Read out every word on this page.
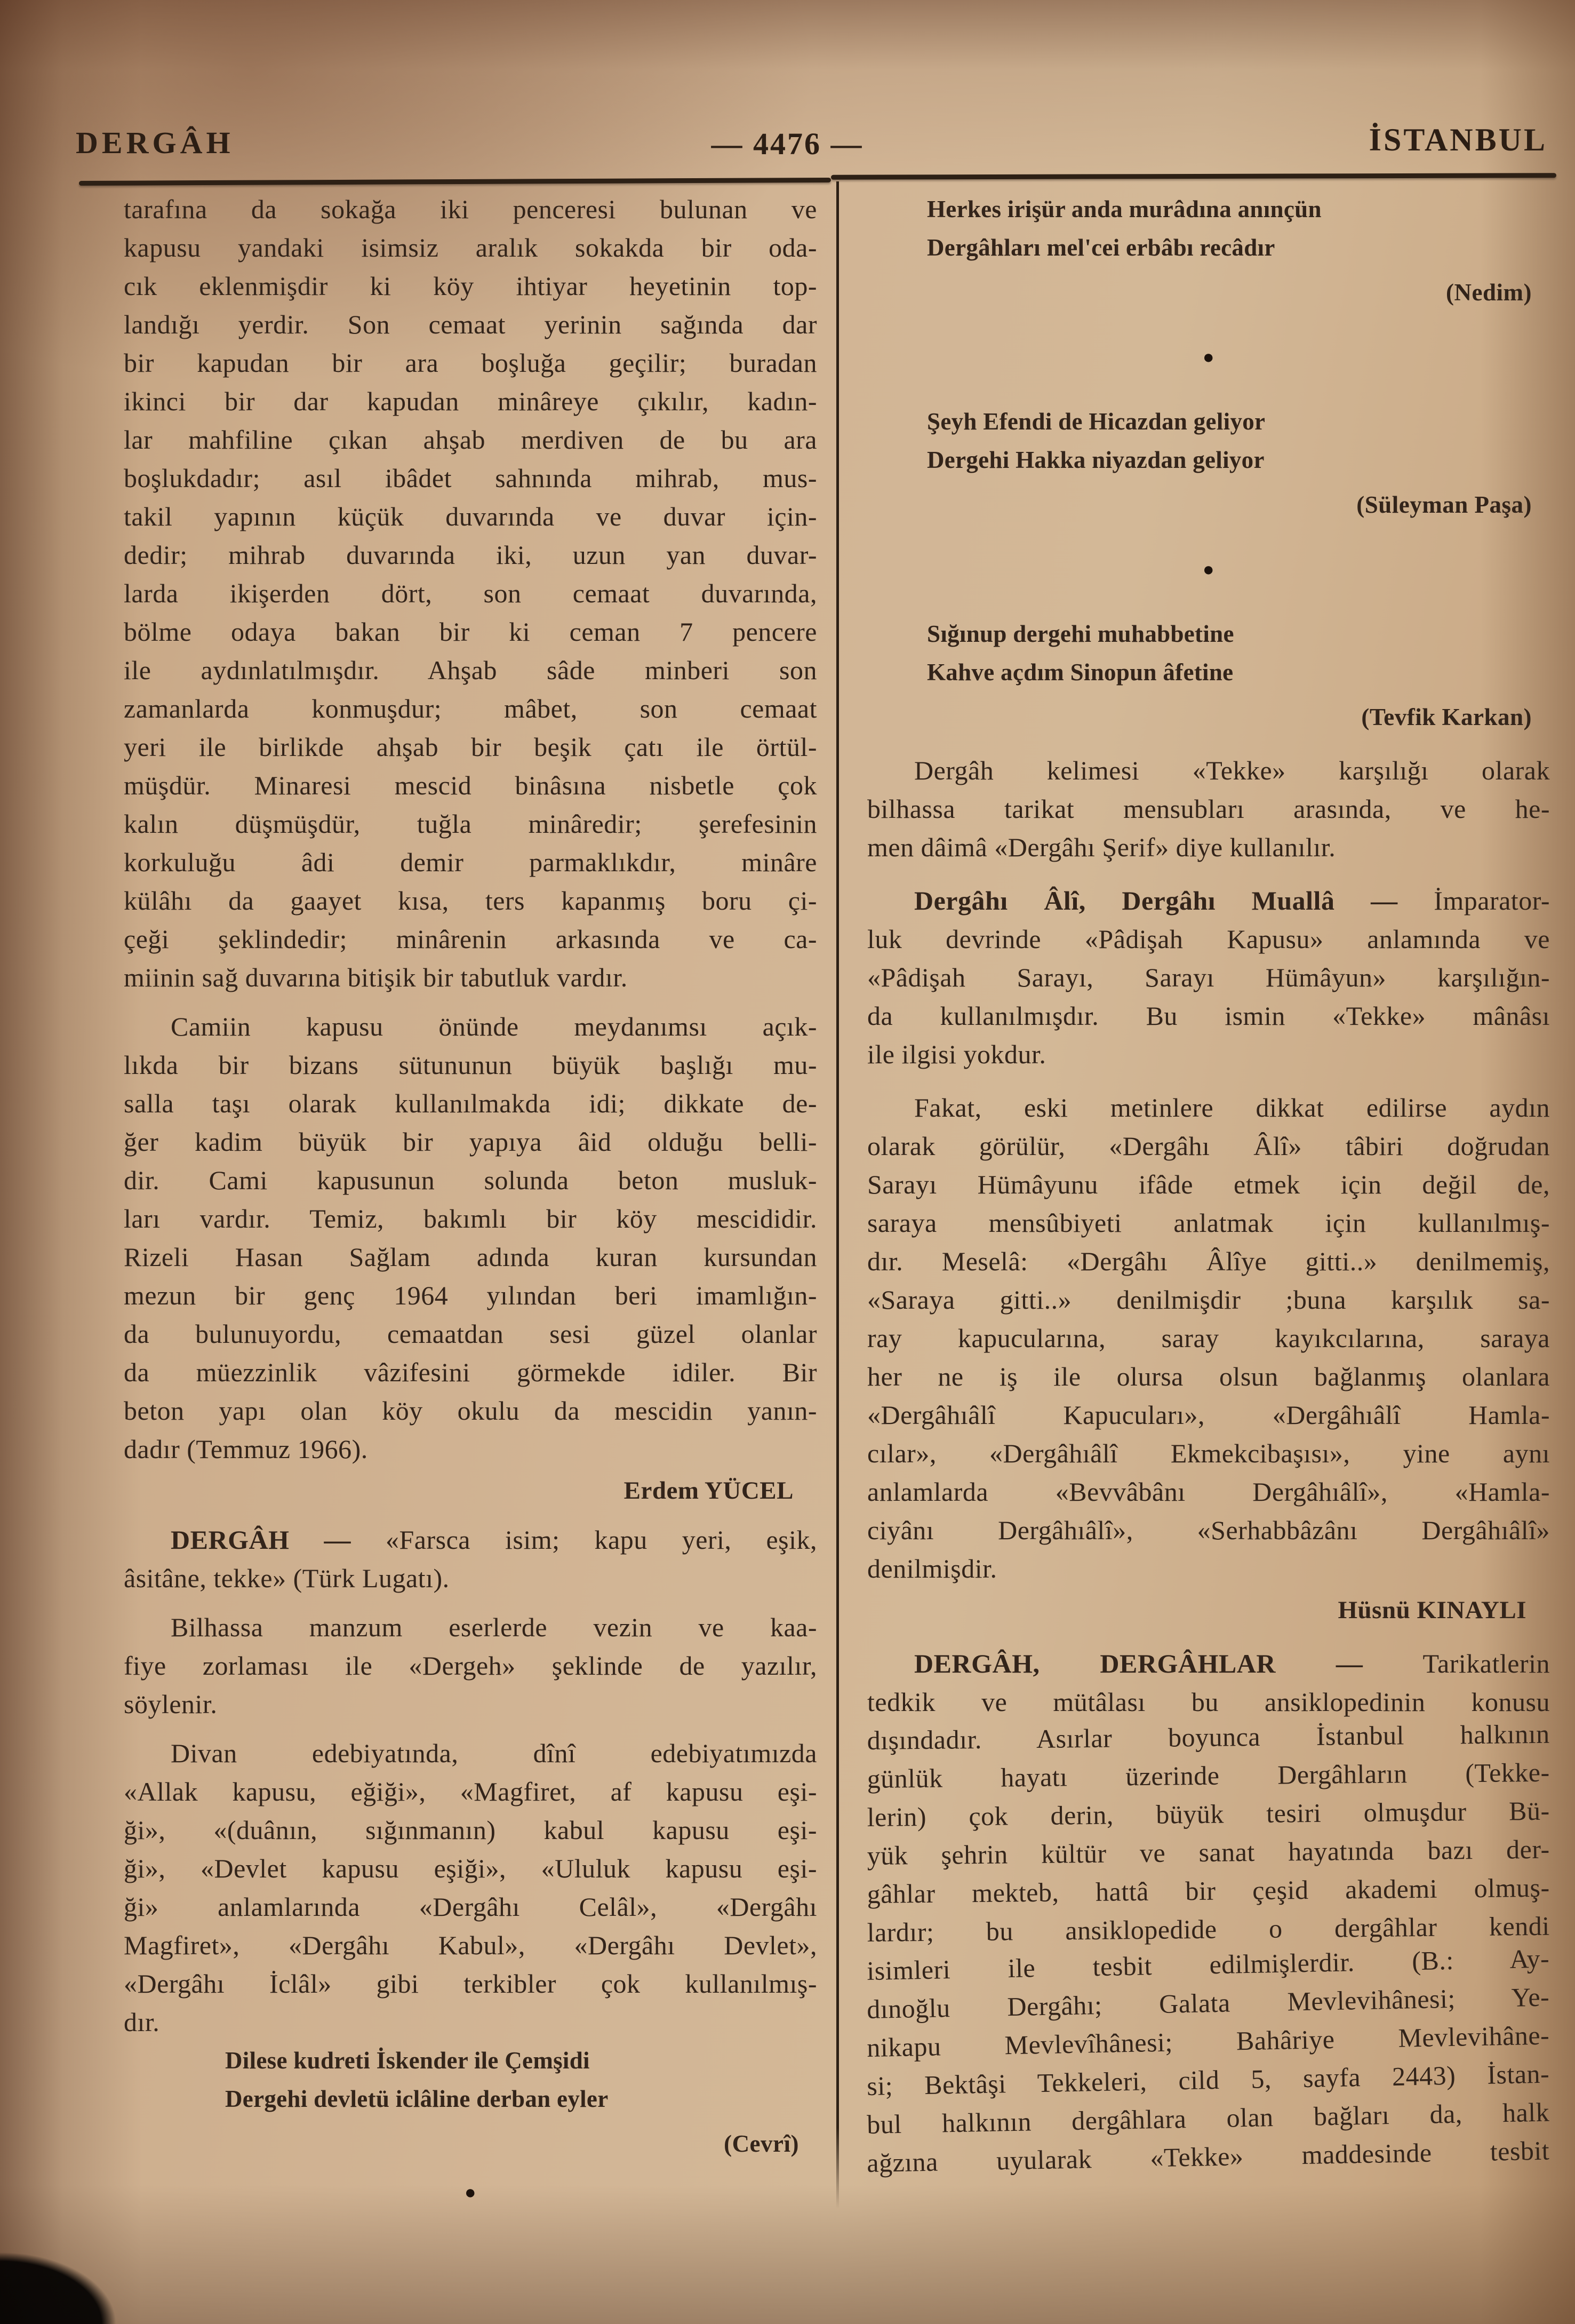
DERGÂH	— 4476 —	İSTANBUL
tarafına da sokağa iki penceresi bulunan ve
kapusu yandaki isimsiz aralık sokakda bir oda-
cık eklenmişdir ki köy ihtiyar heyetinin top-
landığı yerdir. Son cemaat yerinin sağında dar
bir kapudan bir ara boşluğa geçilir; buradan
ikinci bir dar kapudan minâreye çıkılır, kadın-
lar mahfiline çıkan ahşab merdiven de bu ara
boşlukdadır; asıl ibâdet sahnında mihrab, mus-
takil yapının küçük duvarında ve duvar için-
dedir; mihrab duvarında iki, uzun yan duvar-
larda ikişerden dört, son cemaat duvarında,
bölme odaya bakan bir ki ceman 7 pencere
ile aydınlatılmışdır. Ahşab sâde minberi son
zamanlarda konmuşdur; mâbet, son cemaat
yeri ile birlikde ahşab bir beşik çatı ile örtül-
müşdür. Minaresi mescid binâsına nisbetle çok
kalın düşmüşdür, tuğla minâredir; şerefesinin
korkuluğu âdi demir parmaklıkdır, minâre
külâhı da gaayet kısa, ters kapanmış boru çi-
çeği şeklindedir; minârenin arkasında ve ca-
miinin sağ duvarına bitişik bir tabutluk vardır.
Camiin kapusu önünde meydanımsı açık-
lıkda bir bizans sütununun büyük başlığı mu-
salla taşı olarak kullanılmakda idi; dikkate de-
ğer kadim büyük bir yapıya âid olduğu belli-
dir. Cami kapusunun solunda beton musluk-
ları vardır. Temiz, bakımlı bir köy mescididir.
Rizeli Hasan Sağlam adında kuran kursundan
mezun bir genç 1964 yılından beri imamlığın-
da bulunuyordu, cemaatdan sesi güzel olanlar
da müezzinlik vâzifesini görmekde idiler. Bir
beton yapı olan köy okulu da mescidin yanın-
dadır (Temmuz 1966).
Erdem YÜCEL
DERGÂH — «Farsca isim; kapu yeri, eşik,
âsitâne, tekke» (Türk Lugatı).
Bilhassa manzum eserlerde vezin ve kaa-
fiye zorlaması ile «Dergeh» şeklinde de yazılır,
söylenir.
Divan edebiyatında, dînî edebiyatımızda
«Allak kapusu, eğiği», «Magfiret, af kapusu eşi-
ği», «(duânın, sığınmanın) kabul kapusu eşi-
ği», «Devlet kapusu eşiği», «Ululuk kapusu eşi-
ği» anlamlarında «Dergâhı Celâl», «Dergâhı
Magfiret», «Dergâhı Kabul», «Dergâhı Devlet»,
«Dergâhı İclâl» gibi terkibler çok kullanılmış-
dır.
Dilese kudreti İskender ile Çemşidi
Dergehi devletü iclâline derban eyler
(Cevrî)
●
Herkes irişür anda murâdına anınçün
Dergâhları mel'cei erbâbı recâdır
(Nedim)
●
Şeyh Efendi de Hicazdan geliyor
Dergehi Hakka niyazdan geliyor
(Süleyman Paşa)
●
Sığınup dergehi muhabbetine
Kahve açdım Sinopun âfetine
(Tevfik Karkan)
Dergâh kelimesi «Tekke» karşılığı olarak
bilhassa tarikat mensubları arasında, ve he-
men dâimâ «Dergâhı Şerif» diye kullanılır.
Dergâhı Âlî, Dergâhı Muallâ — İmparator-
luk devrinde «Pâdişah Kapusu» anlamında ve
«Pâdişah Sarayı, Sarayı Hümâyun» karşılığın-
da kullanılmışdır. Bu ismin «Tekke» mânâsı
ile ilgisi yokdur.
Fakat, eski metinlere dikkat edilirse aydın
olarak görülür, «Dergâhı Âlî» tâbiri doğrudan
Sarayı Hümâyunu ifâde etmek için değil de,
saraya mensûbiyeti anlatmak için kullanılmış-
dır. Meselâ: «Dergâhı Âlîye gitti..» denilmemiş,
«Saraya gitti..» denilmişdir ;buna karşılık sa-
ray kapucularına, saray kayıkcılarına, saraya
her ne iş ile olursa olsun bağlanmış olanlara
«Dergâhıâlî Kapucuları», «Dergâhıâlî Hamla-
cılar», «Dergâhıâlî Ekmekcibaşısı», yine aynı
anlamlarda «Bevvâbânı Dergâhıâlî», «Hamla-
ciyânı Dergâhıâlî», «Serhabbâzânı Dergâhıâlî»
denilmişdir.
Hüsnü KINAYLI
DERGÂH, DERGÂHLAR — Tarikatlerin
tedkik ve mütâlası bu ansiklopedinin konusu
dışındadır. Asırlar boyunca İstanbul halkının
günlük hayatı üzerinde Dergâhların (Tekke-
lerin) çok derin, büyük tesiri olmuşdur Bü-
yük şehrin kültür ve sanat hayatında bazı der-
gâhlar mekteb, hattâ bir çeşid akademi olmuş-
lardır; bu ansiklopedide o dergâhlar kendi
isimleri ile tesbit edilmişlerdir. (B.: Ay-
dınoğlu Dergâhı; Galata Mevlevihânesi; Ye-
nikapu Mevlevîhânesi; Bahâriye Mevlevihâne-
si; Bektâşi Tekkeleri, cild 5, sayfa 2443) İstan-
bul halkının dergâhlara olan bağları da, halk
ağzına uyularak «Tekke» maddesinde tesbit
